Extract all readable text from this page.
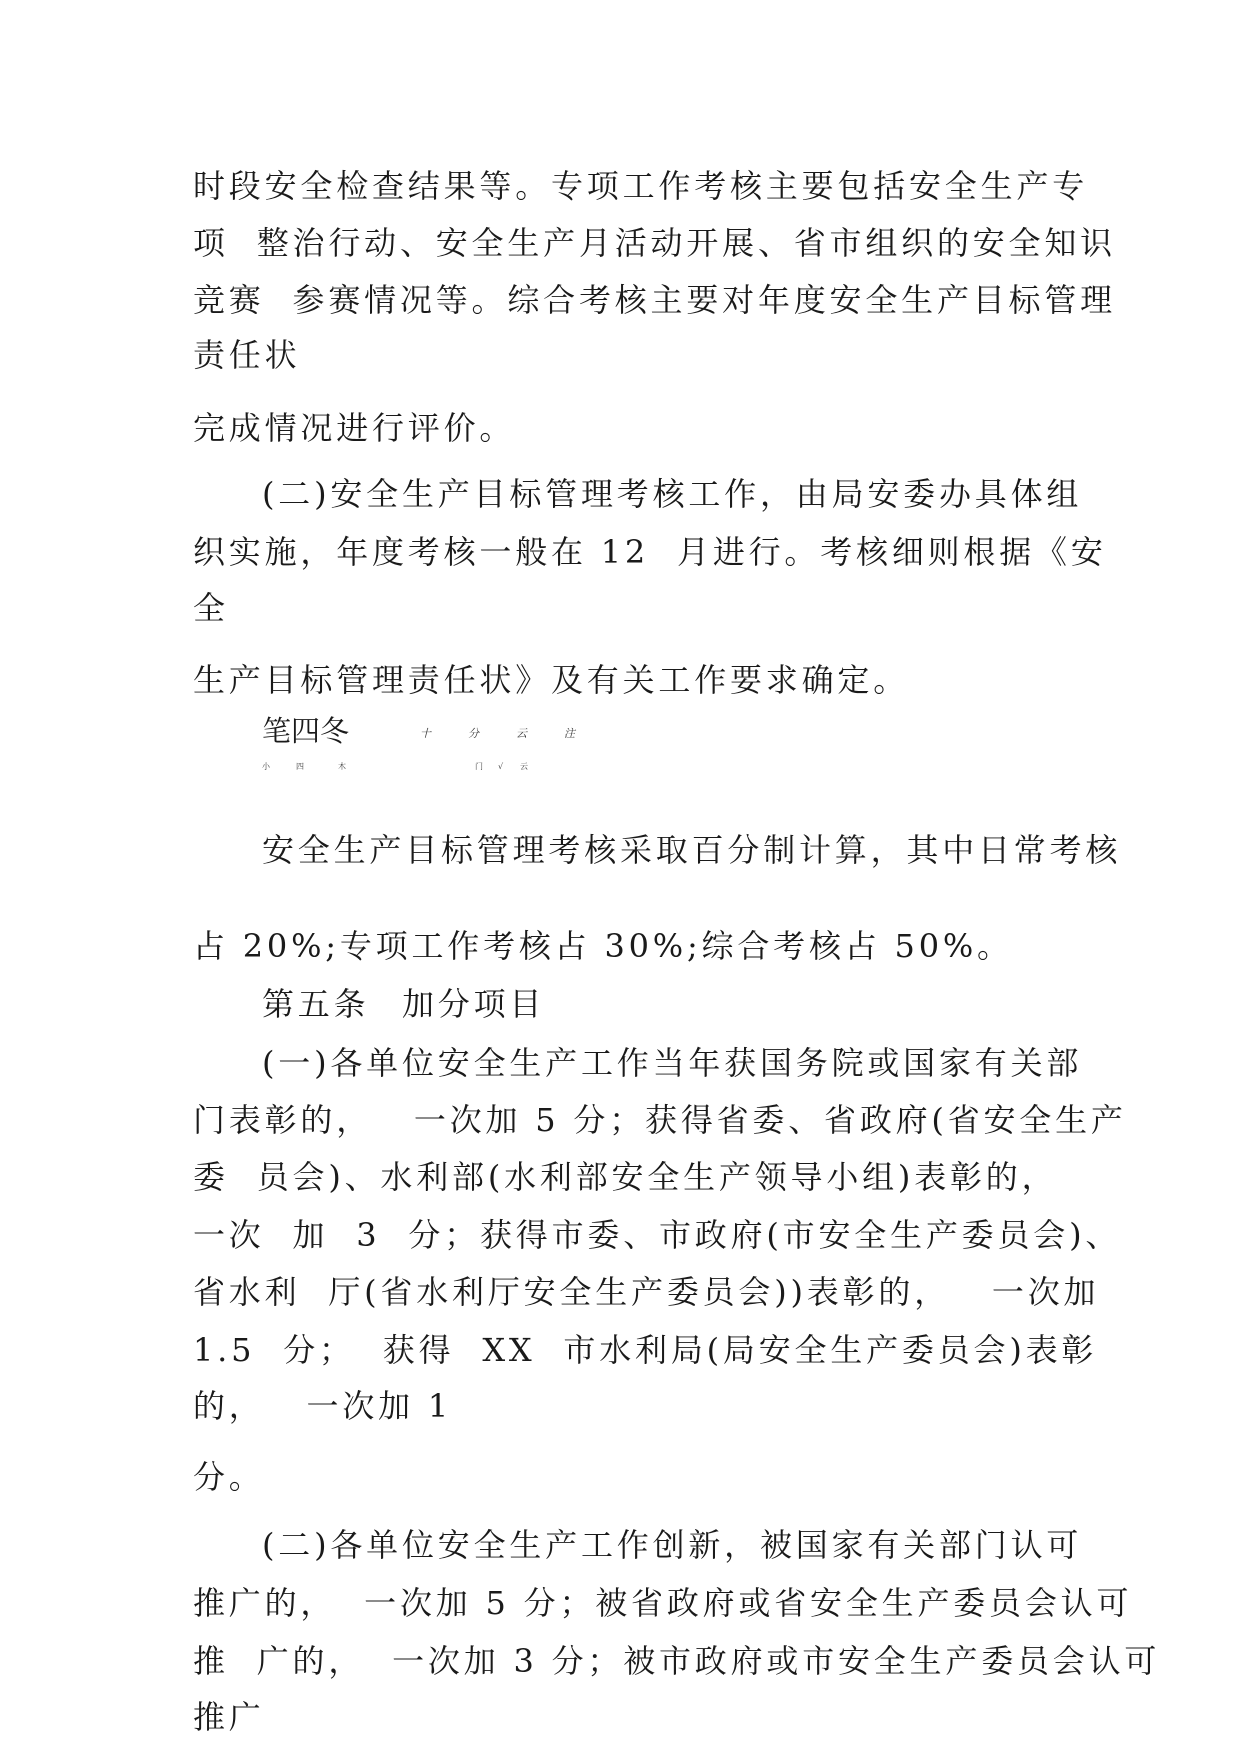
时段安全检查结果等。专项工作考核主要包括安全生产专
项  整治行动、安全生产月活动开展、省市组织的安全知识
竞赛  参赛情况等。综合考核主要对年度安全生产目标管理
责任状
完成情况进行评价。
(二)安全生产目标管理考核工作，由局安委办具体组
织实施，年度考核一般在 12  月进行。考核细则根据《安
全
生产目标管理责任状》及有关工作要求确定。
笔四冬	十  分  云  注
小	四	木	门 √ 云
安全生产目标管理考核采取百分制计算，其中日常考核
占 20%;专项工作考核占 30%;综合考核占 50%。
第五条 加分项目
(一)各单位安全生产工作当年获国务院或国家有关部
门表彰的，   一次加 5 分；获得省委、省政府(省安全生产
委  员会)、水利部(水利部安全生产领导小组)表彰的，
一次  加  3  分；获得市委、市政府(市安全生产委员会)、
省水利  厅(省水利厅安全生产委员会))表彰的，   一次加
1.5  分；  获得  XX  市水利局(局安全生产委员会)表彰
的，   一次加 1
分。
(二)各单位安全生产工作创新，被国家有关部门认可
推广的，  一次加 5 分；被省政府或省安全生产委员会认可
推  广的，  一次加 3 分；被市政府或市安全生产委员会认可
推广
